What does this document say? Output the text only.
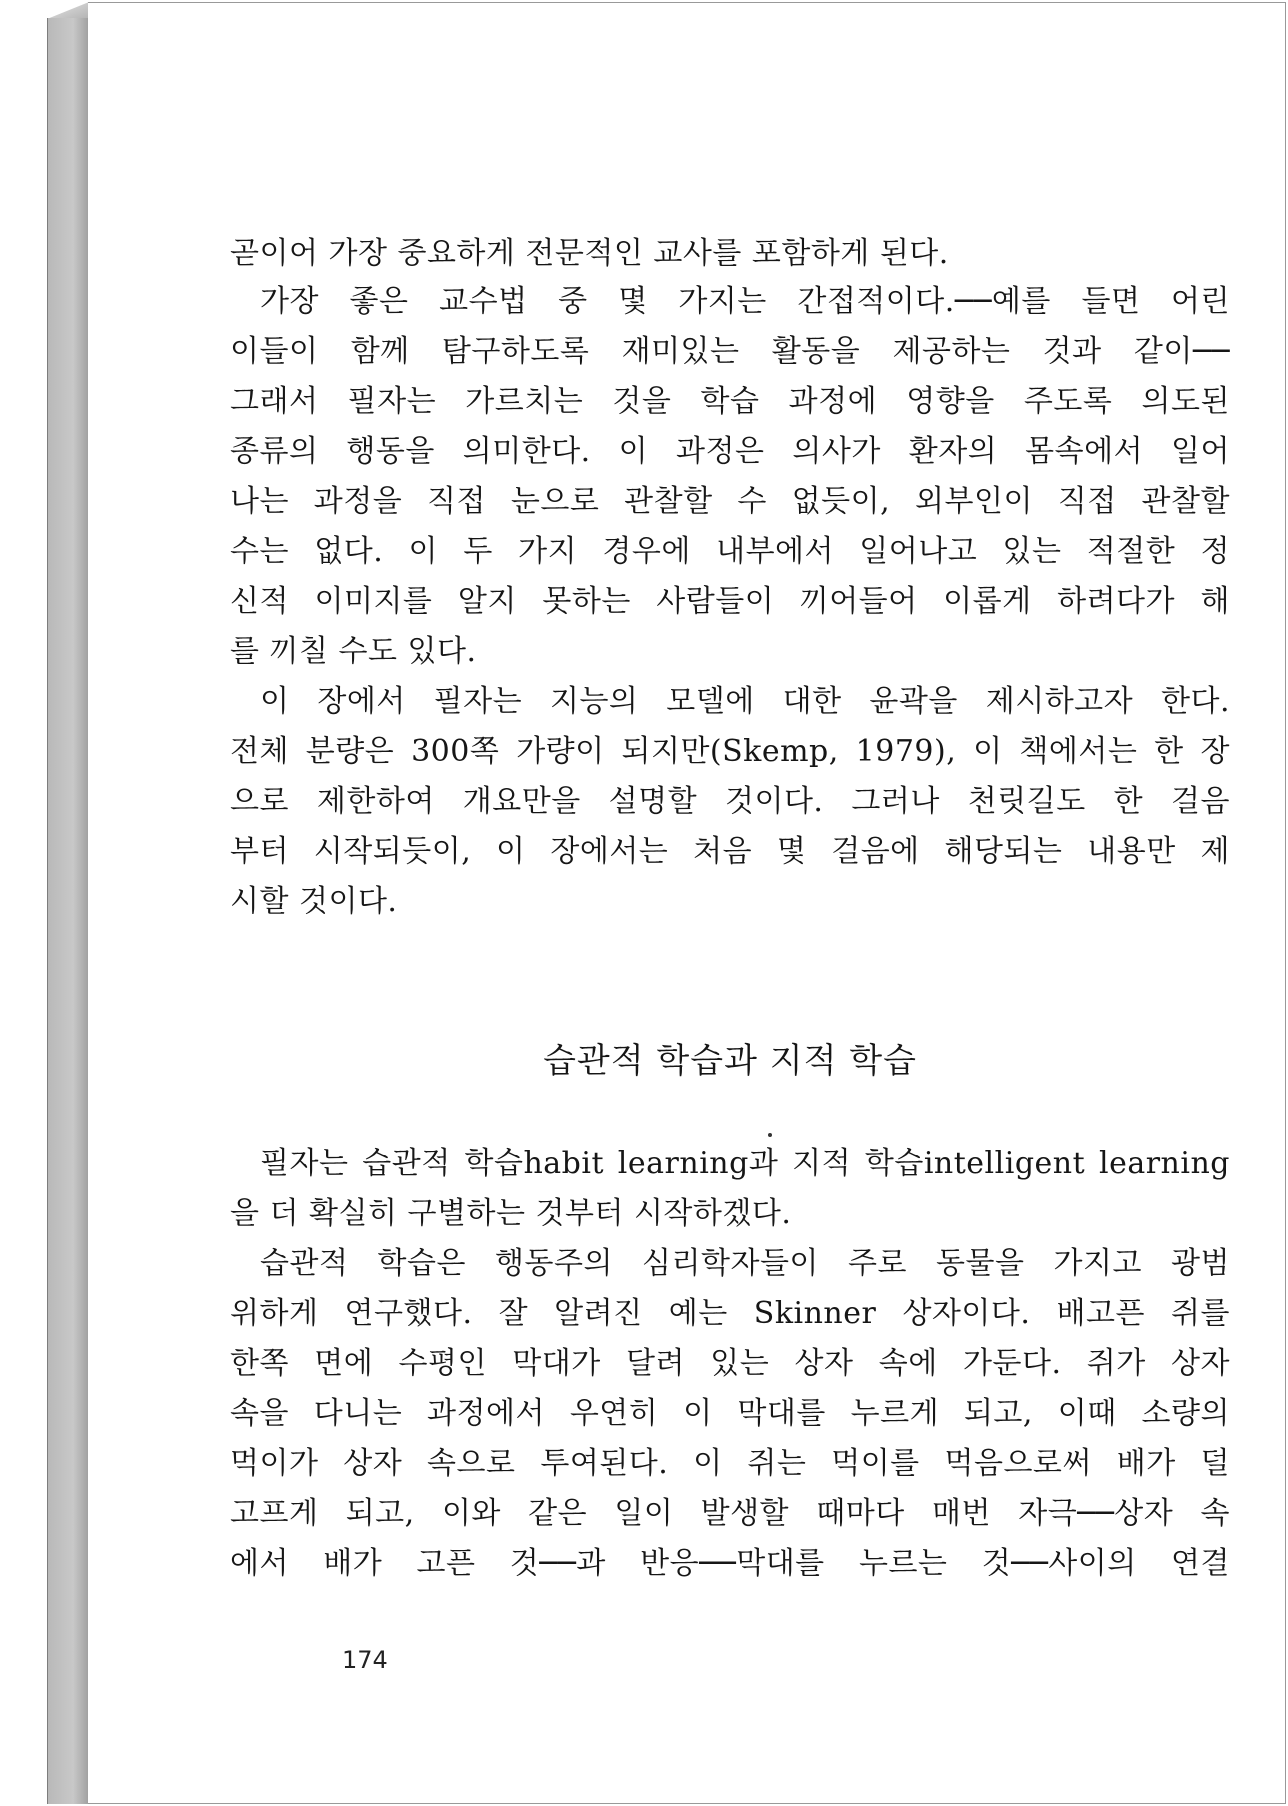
곧이어 가장 중요하게 전문적인 교사를 포함하게 된다.
가장 좋은 교수법 중 몇 가지는 간접적이다.──예를 들면 어린
이들이 함께 탐구하도록 재미있는 활동을 제공하는 것과 같이──
그래서 필자는 가르치는 것을 학습 과정에 영향을 주도록 의도된
종류의 행동을 의미한다. 이 과정은 의사가 환자의 몸속에서 일어
나는 과정을 직접 눈으로 관찰할 수 없듯이, 외부인이 직접 관찰할
수는 없다. 이 두 가지 경우에 내부에서 일어나고 있는 적절한 정
신적 이미지를 알지 못하는 사람들이 끼어들어 이롭게 하려다가 해
를 끼칠 수도 있다.
이 장에서 필자는 지능의 모델에 대한 윤곽을 제시하고자 한다.
전체 분량은 300쪽 가량이 되지만(Skemp, 1979), 이 책에서는 한 장
으로 제한하여 개요만을 설명할 것이다. 그러나 천릿길도 한 걸음
부터 시작되듯이, 이 장에서는 처음 몇 걸음에 해당되는 내용만 제
시할 것이다.
습관적 학습과 지적 학습
필자는 습관적 학습habit learning과 지적 학습intelligent learning
을 더 확실히 구별하는 것부터 시작하겠다.
습관적 학습은 행동주의 심리학자들이 주로 동물을 가지고 광범
위하게 연구했다. 잘 알려진 예는 Skinner 상자이다. 배고픈 쥐를
한쪽 면에 수평인 막대가 달려 있는 상자 속에 가둔다. 쥐가 상자
속을 다니는 과정에서 우연히 이 막대를 누르게 되고, 이때 소량의
먹이가 상자 속으로 투여된다. 이 쥐는 먹이를 먹음으로써 배가 덜
고프게 되고, 이와 같은 일이 발생할 때마다 매번 자극──상자 속
에서 배가 고픈 것──과 반응──막대를 누르는 것──사이의 연결
174
